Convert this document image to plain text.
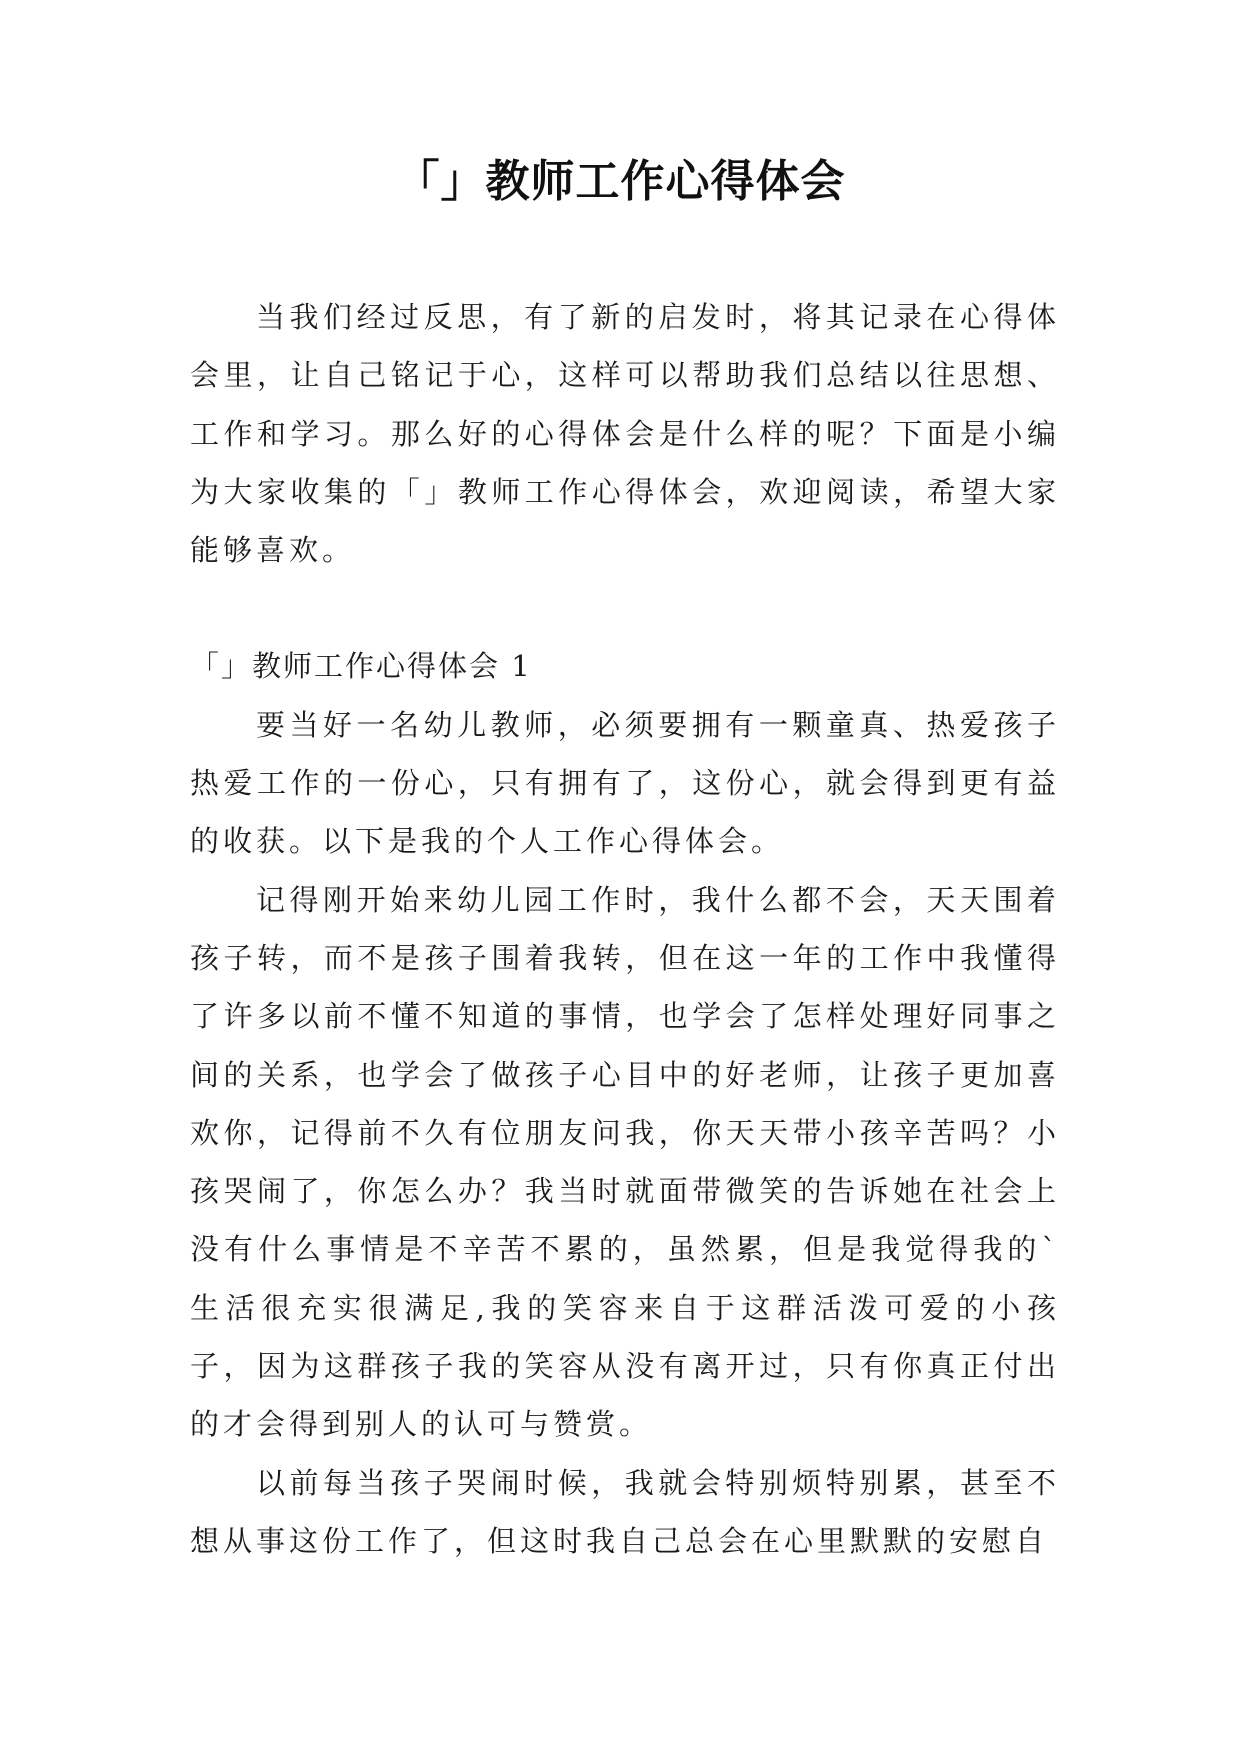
「」教师工作心得体会

当我们经过反思，有了新的启发时，将其记录在心得体会里，让自己铭记于心，这样可以帮助我们总结以往思想、工作和学习。那么好的心得体会是什么样的呢？下面是小编为大家收集的「」教师工作心得体会，欢迎阅读，希望大家能够喜欢。

「」教师工作心得体会 1

要当好一名幼儿教师，必须要拥有一颗童真、热爱孩子热爱工作的一份心，只有拥有了，这份心，就会得到更有益的收获。以下是我的个人工作心得体会。

记得刚开始来幼儿园工作时，我什么都不会，天天围着孩子转，而不是孩子围着我转，但在这一年的工作中我懂得了许多以前不懂不知道的事情，也学会了怎样处理好同事之间的关系，也学会了做孩子心目中的好老师，让孩子更加喜欢你，记得前不久有位朋友问我，你天天带小孩辛苦吗？小孩哭闹了，你怎么办？我当时就面带微笑的告诉她在社会上没有什么事情是不辛苦不累的，虽然累，但是我觉得我的`生活很充实很满足,我的笑容来自于这群活泼可爱的小孩子，因为这群孩子我的笑容从没有离开过，只有你真正付出的才会得到别人的认可与赞赏。

以前每当孩子哭闹时候，我就会特别烦特别累，甚至不想从事这份工作了，但这时我自己总会在心里默默的安慰自
